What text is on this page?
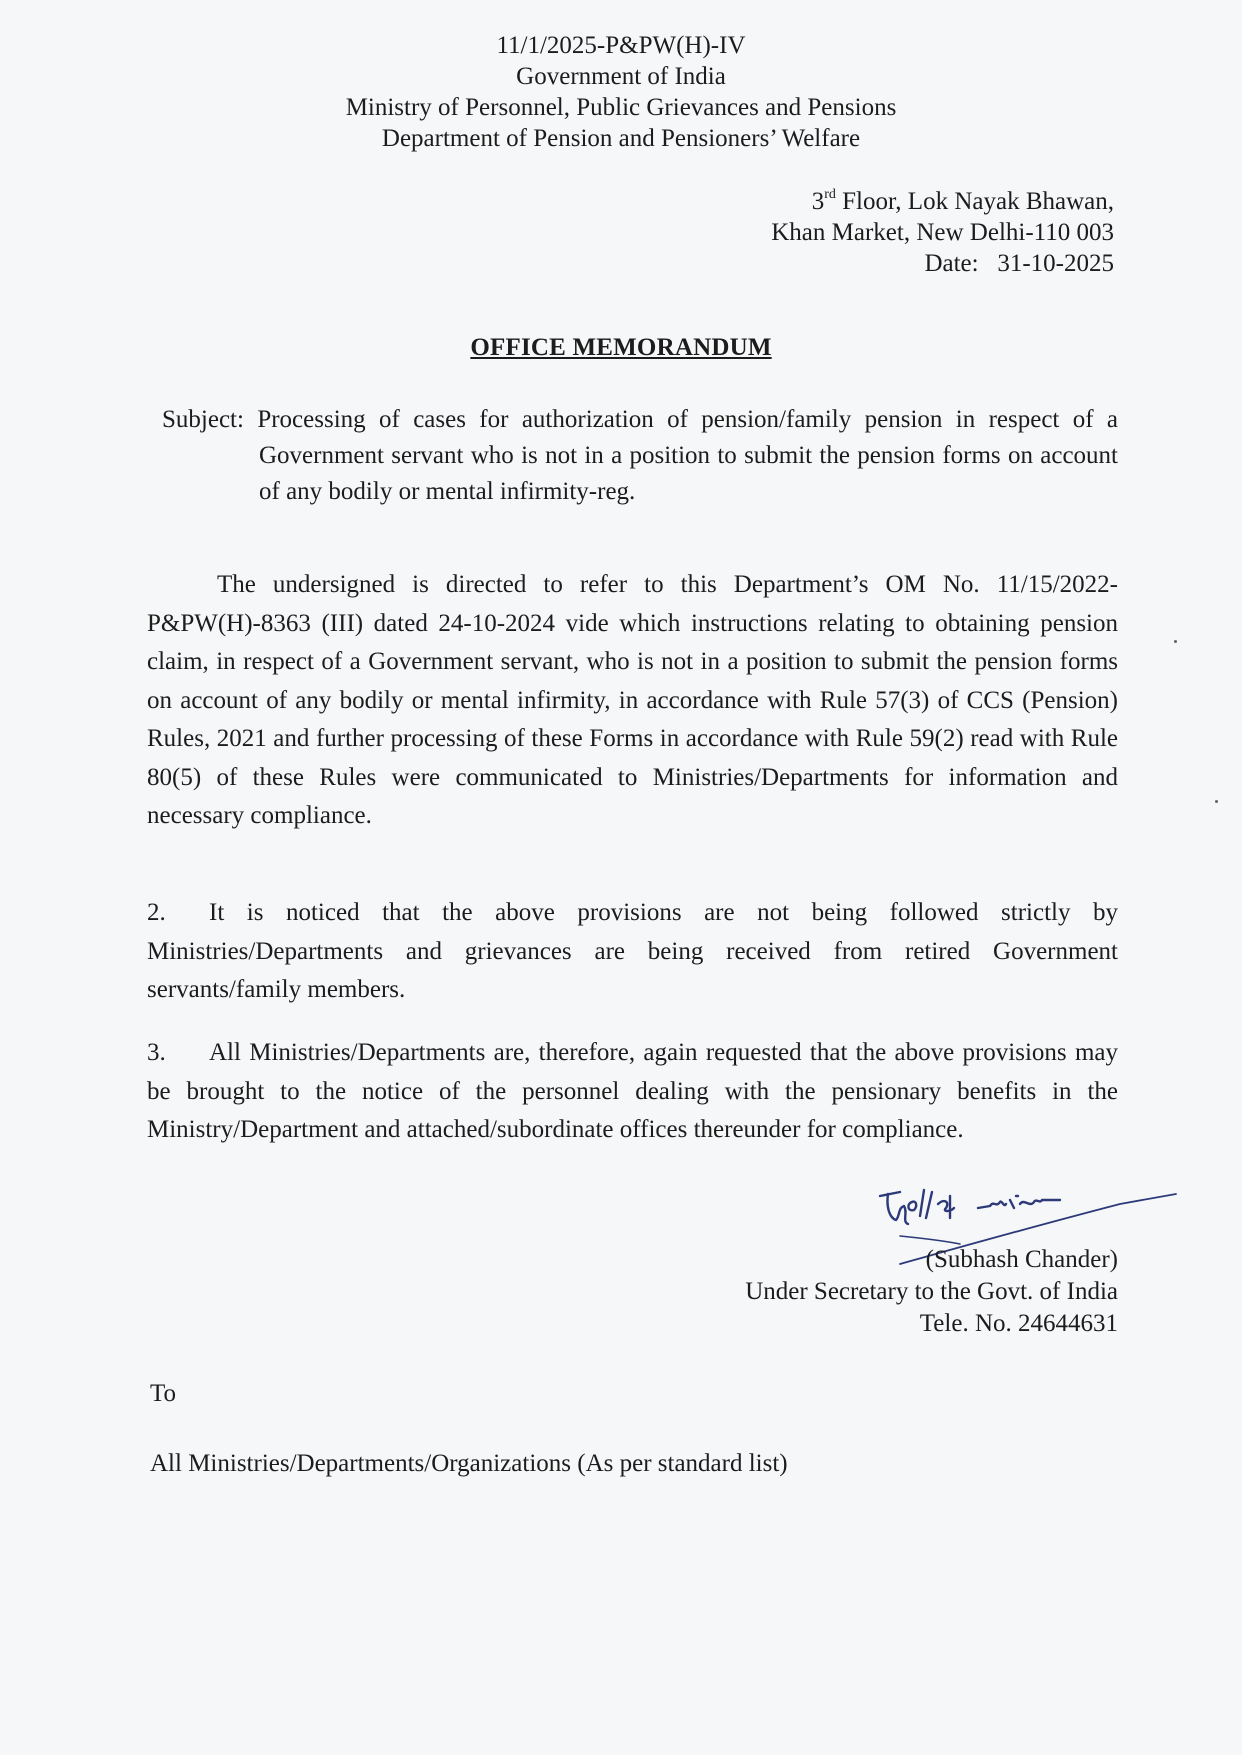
11/1/2025-P&PW(H)-IV
Government of India
Ministry of Personnel, Public Grievances and Pensions
Department of Pension and Pensioners’ Welfare
3rd Floor, Lok Nayak Bhawan,
Khan Market, New Delhi-110 003
Date: 31-10-2025
OFFICE MEMORANDUM
Subject: Processing of cases for authorization of pension/family pension in respect of a Government servant who is not in a position to submit the pension forms on account of any bodily or mental infirmity-reg.
The undersigned is directed to refer to this Department’s OM No. 11/15/2022-P&PW(H)-8363 (III) dated 24-10-2024 vide which instructions relating to obtaining pension claim, in respect of a Government servant, who is not in a position to submit the pension forms on account of any bodily or mental infirmity, in accordance with Rule 57(3) of CCS (Pension) Rules, 2021 and further processing of these Forms in accordance with Rule 59(2) read with Rule 80(5) of these Rules were communicated to Ministries/Departments for information and necessary compliance.
2. It is noticed that the above provisions are not being followed strictly by Ministries/Departments and grievances are being received from retired Government servants/family members.
3. All Ministries/Departments are, therefore, again requested that the above provisions may be brought to the notice of the personnel dealing with the pensionary benefits in the Ministry/Department and attached/subordinate offices thereunder for compliance.
(Subhash Chander)
Under Secretary to the Govt. of India
Tele. No. 24644631
To
All Ministries/Departments/Organizations (As per standard list)
